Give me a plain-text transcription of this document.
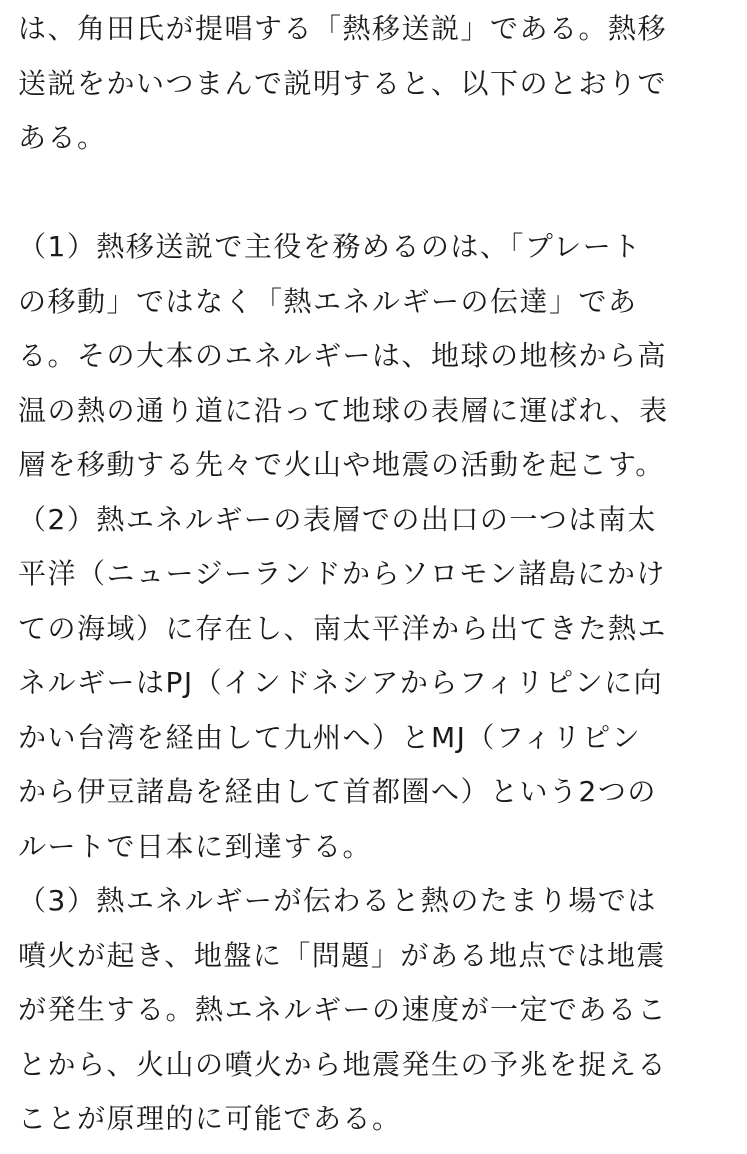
は、角田氏が提唱する「熱移送説」である。熱移
送説をかいつまんで説明すると、以下のとおりで
ある。
（1）熱移送説で主役を務めるのは、「プレート
の移動」ではなく「熱エネルギーの伝達」であ
る。その大本のエネルギーは、地球の地核から高
温の熱の通り道に沿って地球の表層に運ばれ、表
層を移動する先々で火山や地震の活動を起こす。
（2）熱エネルギーの表層での出口の一つは南太
平洋（ニュージーランドからソロモン諸島にかけ
ての海域）に存在し、南太平洋から出てきた熱エ
ネルギーはPJ（インドネシアからフィリピンに向
かい台湾を経由して九州へ）とMJ（フィリピン
から伊豆諸島を経由して首都圏へ）という2つの
ルートで日本に到達する。
（3）熱エネルギーが伝わると熱のたまり場では
噴火が起き、地盤に「問題」がある地点では地震
が発生する。熱エネルギーの速度が一定であるこ
とから、火山の噴火から地震発生の予兆を捉える
ことが原理的に可能である。
